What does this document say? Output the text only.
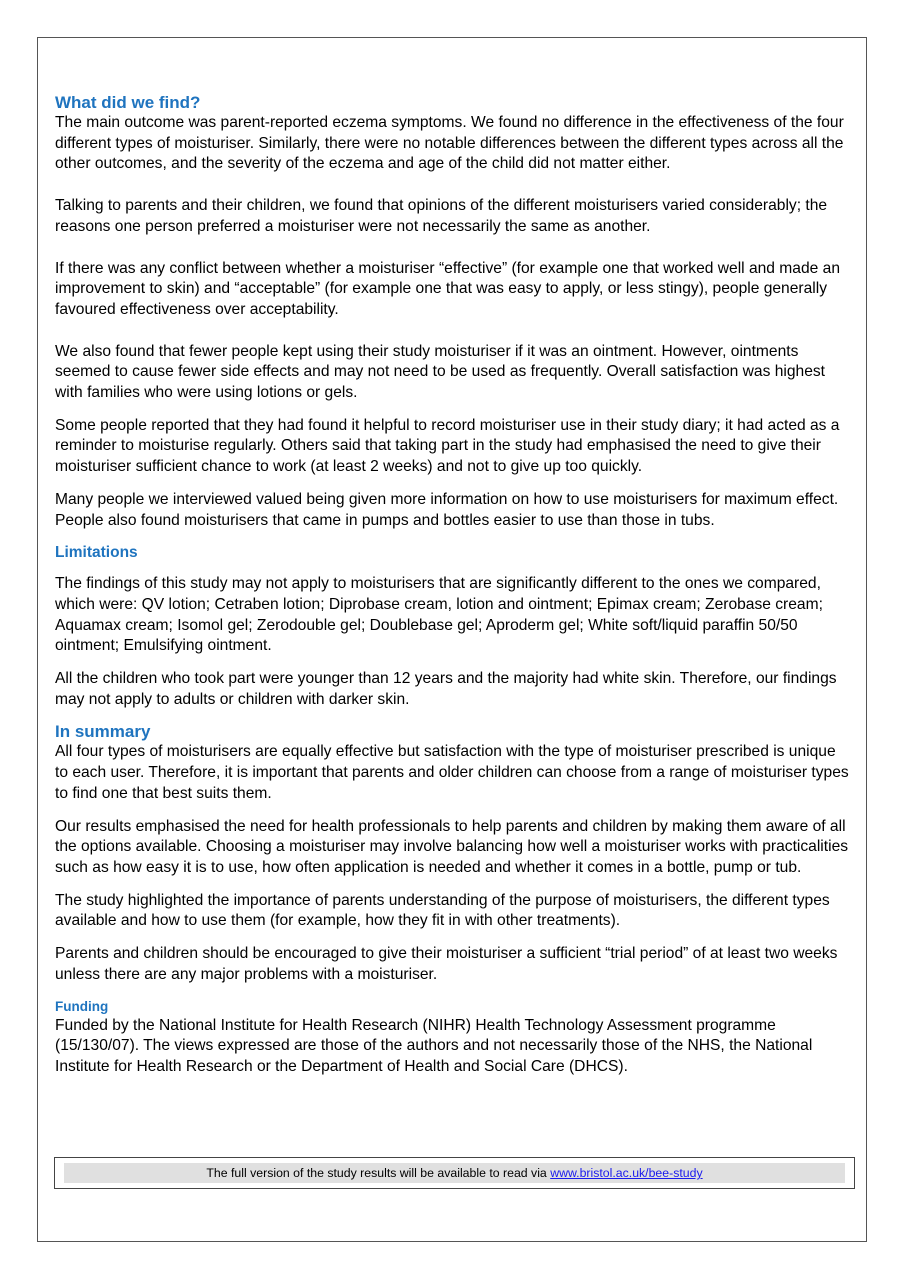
What did we find?

The main outcome was parent-reported eczema symptoms. We found no difference in the effectiveness of the four different types of moisturiser. Similarly, there were no notable differences between the different types across all the other outcomes, and the severity of the eczema and age of the child did not matter either.

Talking to parents and their children, we found that opinions of the different moisturisers varied considerably; the reasons one person preferred a moisturiser were not necessarily the same as another.

If there was any conflict between whether a moisturiser “effective” (for example one that worked well and made an improvement to skin) and “acceptable” (for example one that was easy to apply, or less stingy), people generally favoured effectiveness over acceptability.

We also found that fewer people kept using their study moisturiser if it was an ointment. However, ointments seemed to cause fewer side effects and may not need to be used as frequently. Overall satisfaction was highest with families who were using lotions or gels.

Some people reported that they had found it helpful to record moisturiser use in their study diary; it had acted as a reminder to moisturise regularly. Others said that taking part in the study had emphasised the need to give their moisturiser sufficient chance to work (at least 2 weeks) and not to give up too quickly.

Many people we interviewed valued being given more information on how to use moisturisers for maximum effect. People also found moisturisers that came in pumps and bottles easier to use than those in tubs.

Limitations

The findings of this study may not apply to moisturisers that are significantly different to the ones we compared, which were: QV lotion; Cetraben lotion; Diprobase cream, lotion and ointment; Epimax cream; Zerobase cream; Aquamax cream; Isomol gel; Zerodouble gel; Doublebase gel; Aproderm gel; White soft/liquid paraffin 50/50 ointment; Emulsifying ointment.

All the children who took part were younger than 12 years and the majority had white skin. Therefore, our findings may not apply to adults or children with darker skin.

In summary

All four types of moisturisers are equally effective but satisfaction with the type of moisturiser prescribed is unique to each user. Therefore, it is important that parents and older children can choose from a range of moisturiser types to find one that best suits them.

Our results emphasised the need for health professionals to help parents and children by making them aware of all the options available. Choosing a moisturiser may involve balancing how well a moisturiser works with practicalities such as how easy it is to use, how often application is needed and whether it comes in a bottle, pump or tub.

The study highlighted the importance of parents understanding of the purpose of moisturisers, the different types available and how to use them (for example, how they fit in with other treatments).

Parents and children should be encouraged to give their moisturiser a sufficient “trial period” of at least two weeks unless there are any major problems with a moisturiser.

Funding

Funded by the National Institute for Health Research (NIHR) Health Technology Assessment programme (15/130/07). The views expressed are those of the authors and not necessarily those of the NHS, the National Institute for Health Research or the Department of Health and Social Care (DHCS).

The full version of the study results will be available to read via www.bristol.ac.uk/bee-study
